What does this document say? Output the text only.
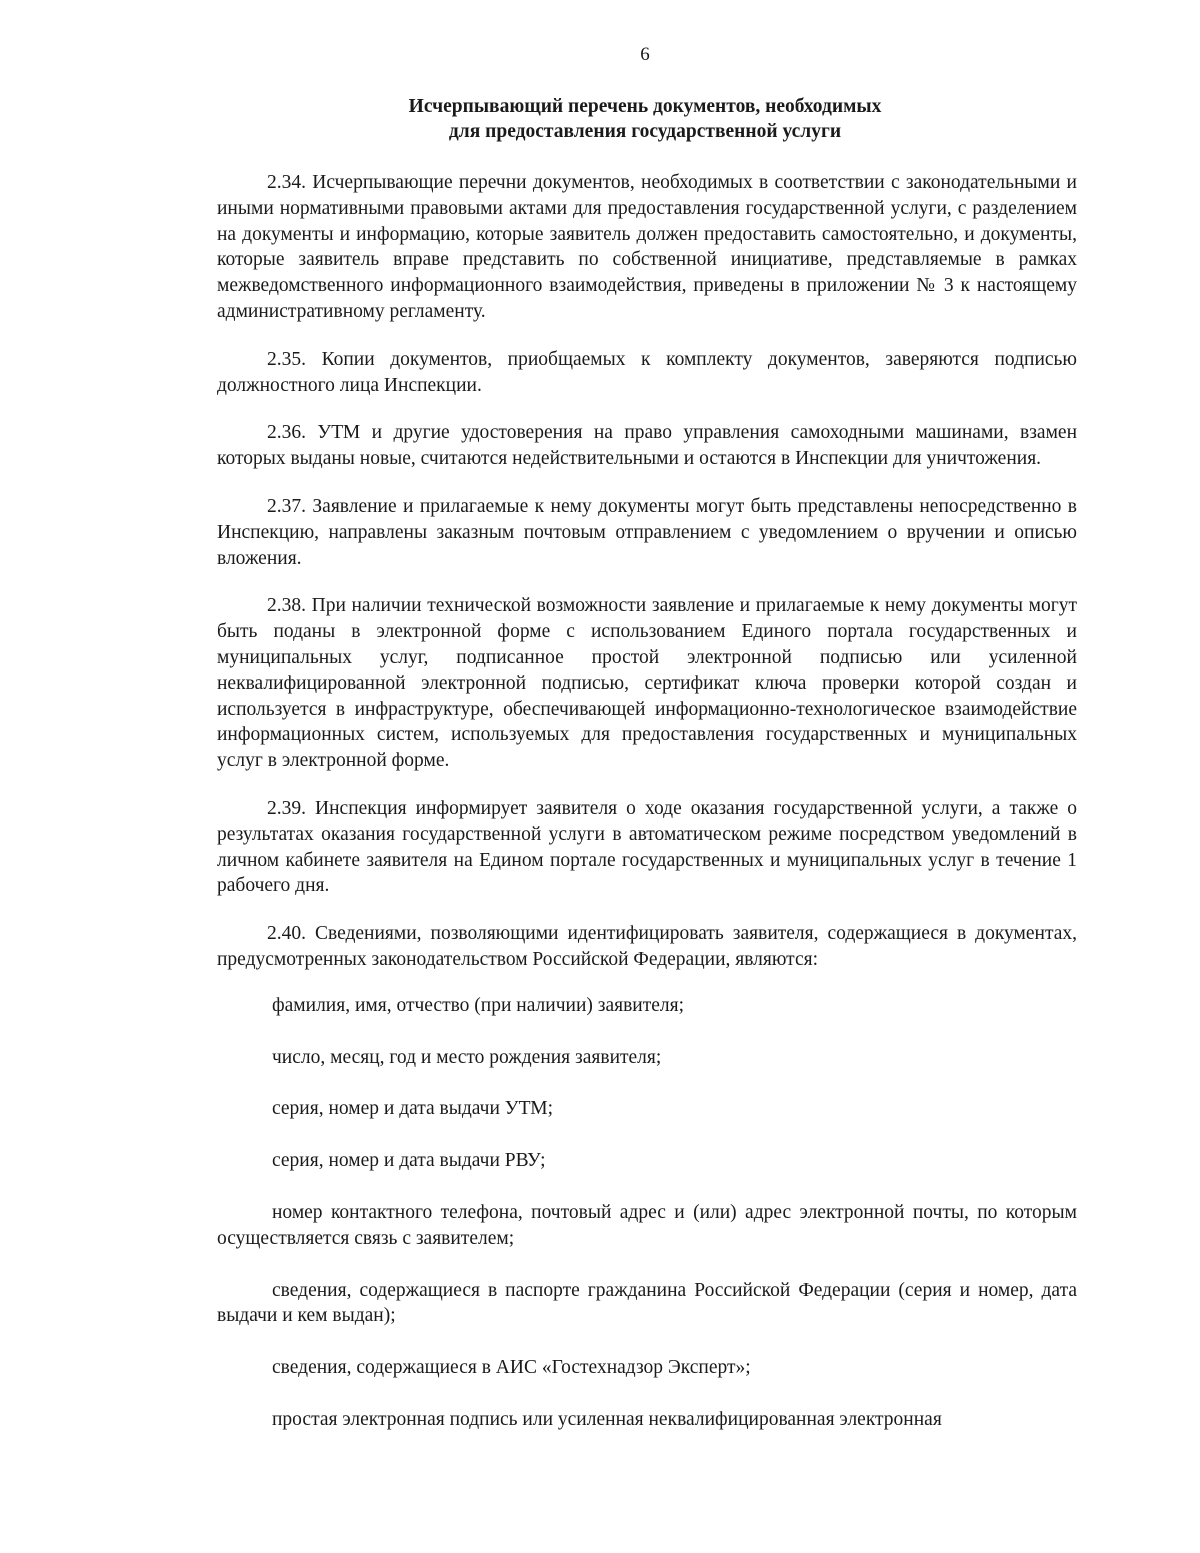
6
Исчерпывающий перечень документов, необходимых
для предоставления государственной услуги

2.34. Исчерпывающие перечни документов, необходимых в соответствии с законодательными и иными нормативными правовыми актами для предоставления государственной услуги, с разделением на документы и информацию, которые заявитель должен предоставить самостоятельно, и документы, которые заявитель вправе представить по собственной инициативе, представляемые в рамках межведомственного информационного взаимодействия, приведены в приложении № 3 к настоящему административному регламенту.

2.35. Копии документов, приобщаемых к комплекту документов, заверяются подписью должностного лица Инспекции.

2.36. УТМ и другие удостоверения на право управления самоходными машинами, взамен которых выданы новые, считаются недействительными и остаются в Инспекции для уничтожения.

2.37. Заявление и прилагаемые к нему документы могут быть представлены непосредственно в Инспекцию, направлены заказным почтовым отправлением с уведомлением о вручении и описью вложения.

2.38. При наличии технической возможности заявление и прилагаемые к нему документы могут быть поданы в электронной форме с использованием Единого портала государственных и муниципальных услуг, подписанное простой электронной подписью или усиленной неквалифицированной электронной подписью, сертификат ключа проверки которой создан и используется в инфраструктуре, обеспечивающей информационно-технологическое взаимодействие информационных систем, используемых для предоставления государственных и муниципальных услуг в электронной форме.

2.39. Инспекция информирует заявителя о ходе оказания государственной услуги, а также о результатах оказания государственной услуги в автоматическом режиме посредством уведомлений в личном кабинете заявителя на Едином портале государственных и муниципальных услуг в течение 1 рабочего дня.

2.40. Сведениями, позволяющими идентифицировать заявителя, содержащиеся в документах, предусмотренных законодательством Российской Федерации, являются:

фамилия, имя, отчество (при наличии) заявителя;

число, месяц, год и место рождения заявителя;

серия, номер и дата выдачи УТМ;

серия, номер и дата выдачи РВУ;

номер контактного телефона, почтовый адрес и (или) адрес электронной почты, по которым осуществляется связь с заявителем;

сведения, содержащиеся в паспорте гражданина Российской Федерации (серия и номер, дата выдачи и кем выдан);

сведения, содержащиеся в АИС «Гостехнадзор Эксперт»;

простая электронная подпись или усиленная неквалифицированная электронная
